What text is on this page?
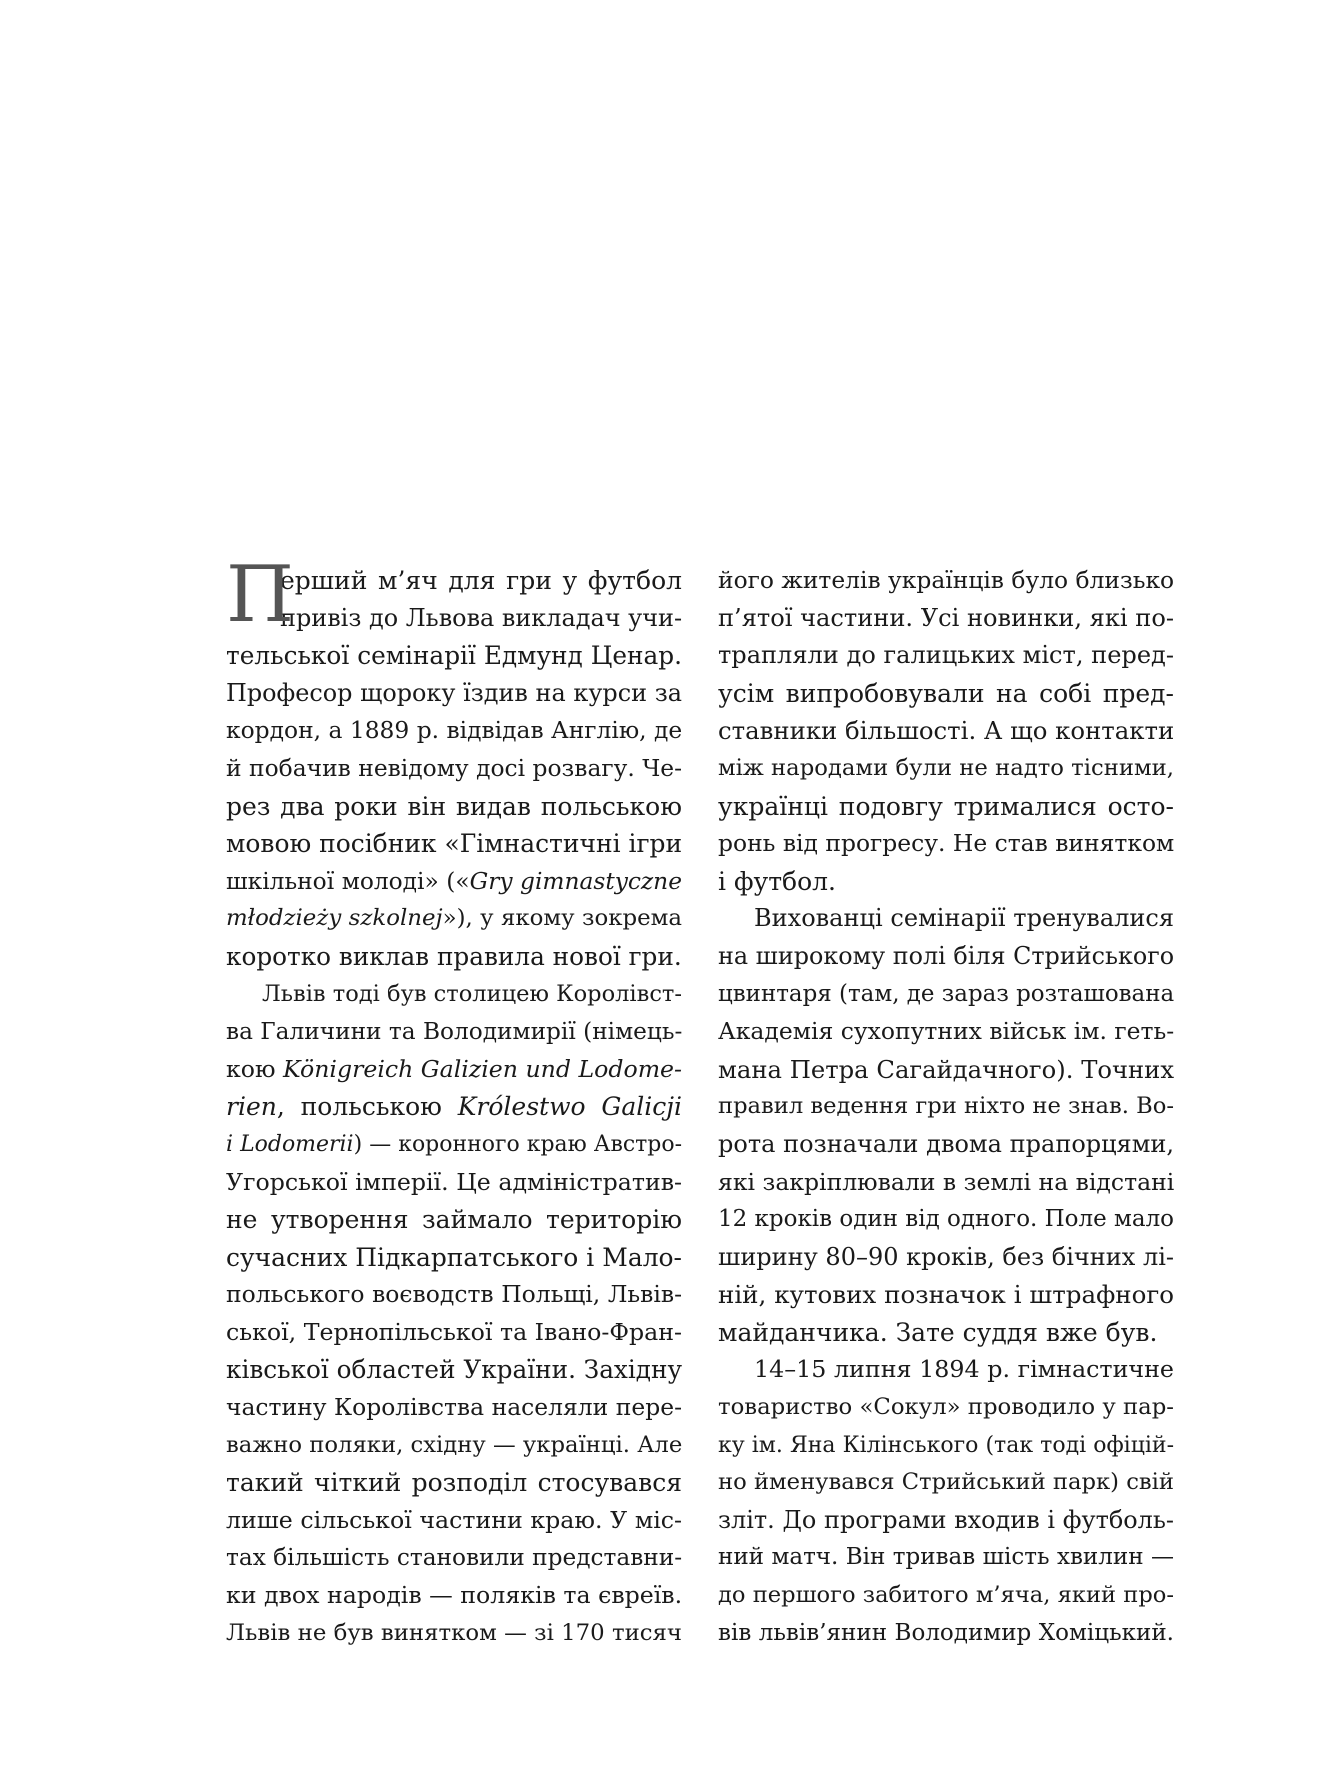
П
ерший м’яч для гри у футбол
привіз до Львова викладач учи-
тельської семінарії Едмунд Ценар.
Професор щороку їздив на курси за
кордон, а 1889 р. відвідав Англію, де
й побачив невідому досі розвагу. Че-
рез два роки він видав польською
мовою посібник «Гімнастичні ігри
шкільної молоді» («Gry gimnastyczne
młodzieży szkolnej»), у якому зокрема
коротко виклав правила нової гри.
Львів тоді був столицею Королівст-
ва Галичини та Володимирії (німець-
кою Königreich Galizien und Lodome-
rien, польською Królestwo Galicji
i Lodomerii) — коронного краю Австро-
Угорської імперії. Це адміністратив-
не утворення займало територію
сучасних Підкарпатського і Мало-
польського воєводств Польщі, Львів-
ської, Тернопільської та Івано-Фран-
ківської областей України. Західну
частину Королівства населяли пере-
важно поляки, східну — українці. Але
такий чіткий розподіл стосувався
лише сільської частини краю. У міс-
тах більшість становили представни-
ки двох народів — поляків та євреїв.
Львів не був винятком — зі 170 тисяч
його жителів українців було близько
п’ятої частини. Усі новинки, які по-
трапляли до галицьких міст, перед-
усім випробовували на собі пред-
ставники більшості. А що контакти
між народами були не надто тісними,
українці подовгу трималися осто-
ронь від прогресу. Не став винятком
і футбол.
Вихованці семінарії тренувалися
на широкому полі біля Стрийського
цвинтаря (там, де зараз розташована
Академія сухопутних військ ім. геть-
мана Петра Сагайдачного). Точних
правил ведення гри ніхто не знав. Во-
рота позначали двома прапорцями,
які закріплювали в землі на відстані
12 кроків один від одного. Поле мало
ширину 80–90 кроків, без бічних лі-
ній, кутових позначок і штрафного
майданчика. Зате суддя вже був.
14–15 липня 1894 р. гімнастичне
товариство «Сокул» проводило у пар-
ку ім. Яна Кілінського (так тоді офіцій-
но йменувався Стрийський парк) свій
зліт. До програми входив і футболь-
ний матч. Він тривав шість хвилин —
до першого забитого м’яча, який про-
вів львів’янин Володимир Хоміцький.
